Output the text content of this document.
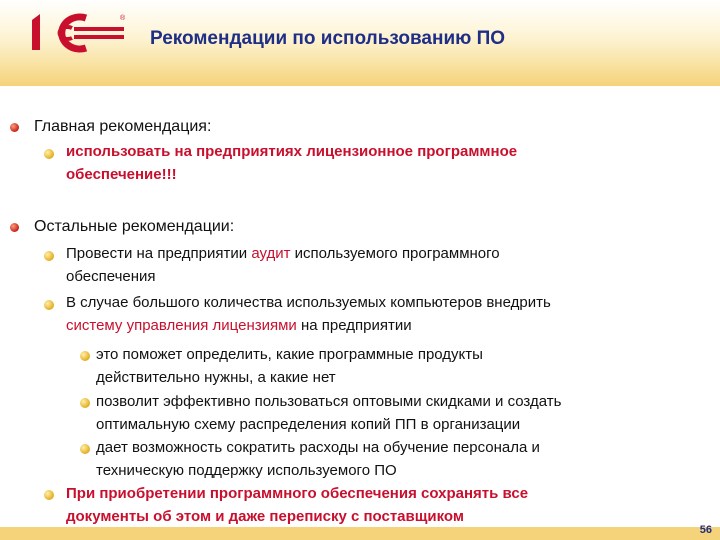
®
Рекомендации по использованию ПО
Главная рекомендация:
использовать на предприятиях лицензионное программное
обеспечение!!!
Остальные рекомендации:
Провести на предприятии аудит используемого программного
обеспечения
В случае большого количества используемых компьютеров внедрить
систему управления лицензиями на предприятии
это поможет определить, какие программные продукты
действительно нужны, а какие нет
позволит эффективно пользоваться оптовыми скидками и создать
оптимальную схему распределения копий ПП в организации
дает возможность сократить расходы на обучение персонала и
техническую поддержку используемого ПО
При приобретении программного обеспечения сохранять все
документы об этом и даже переписку с поставщиком
56
